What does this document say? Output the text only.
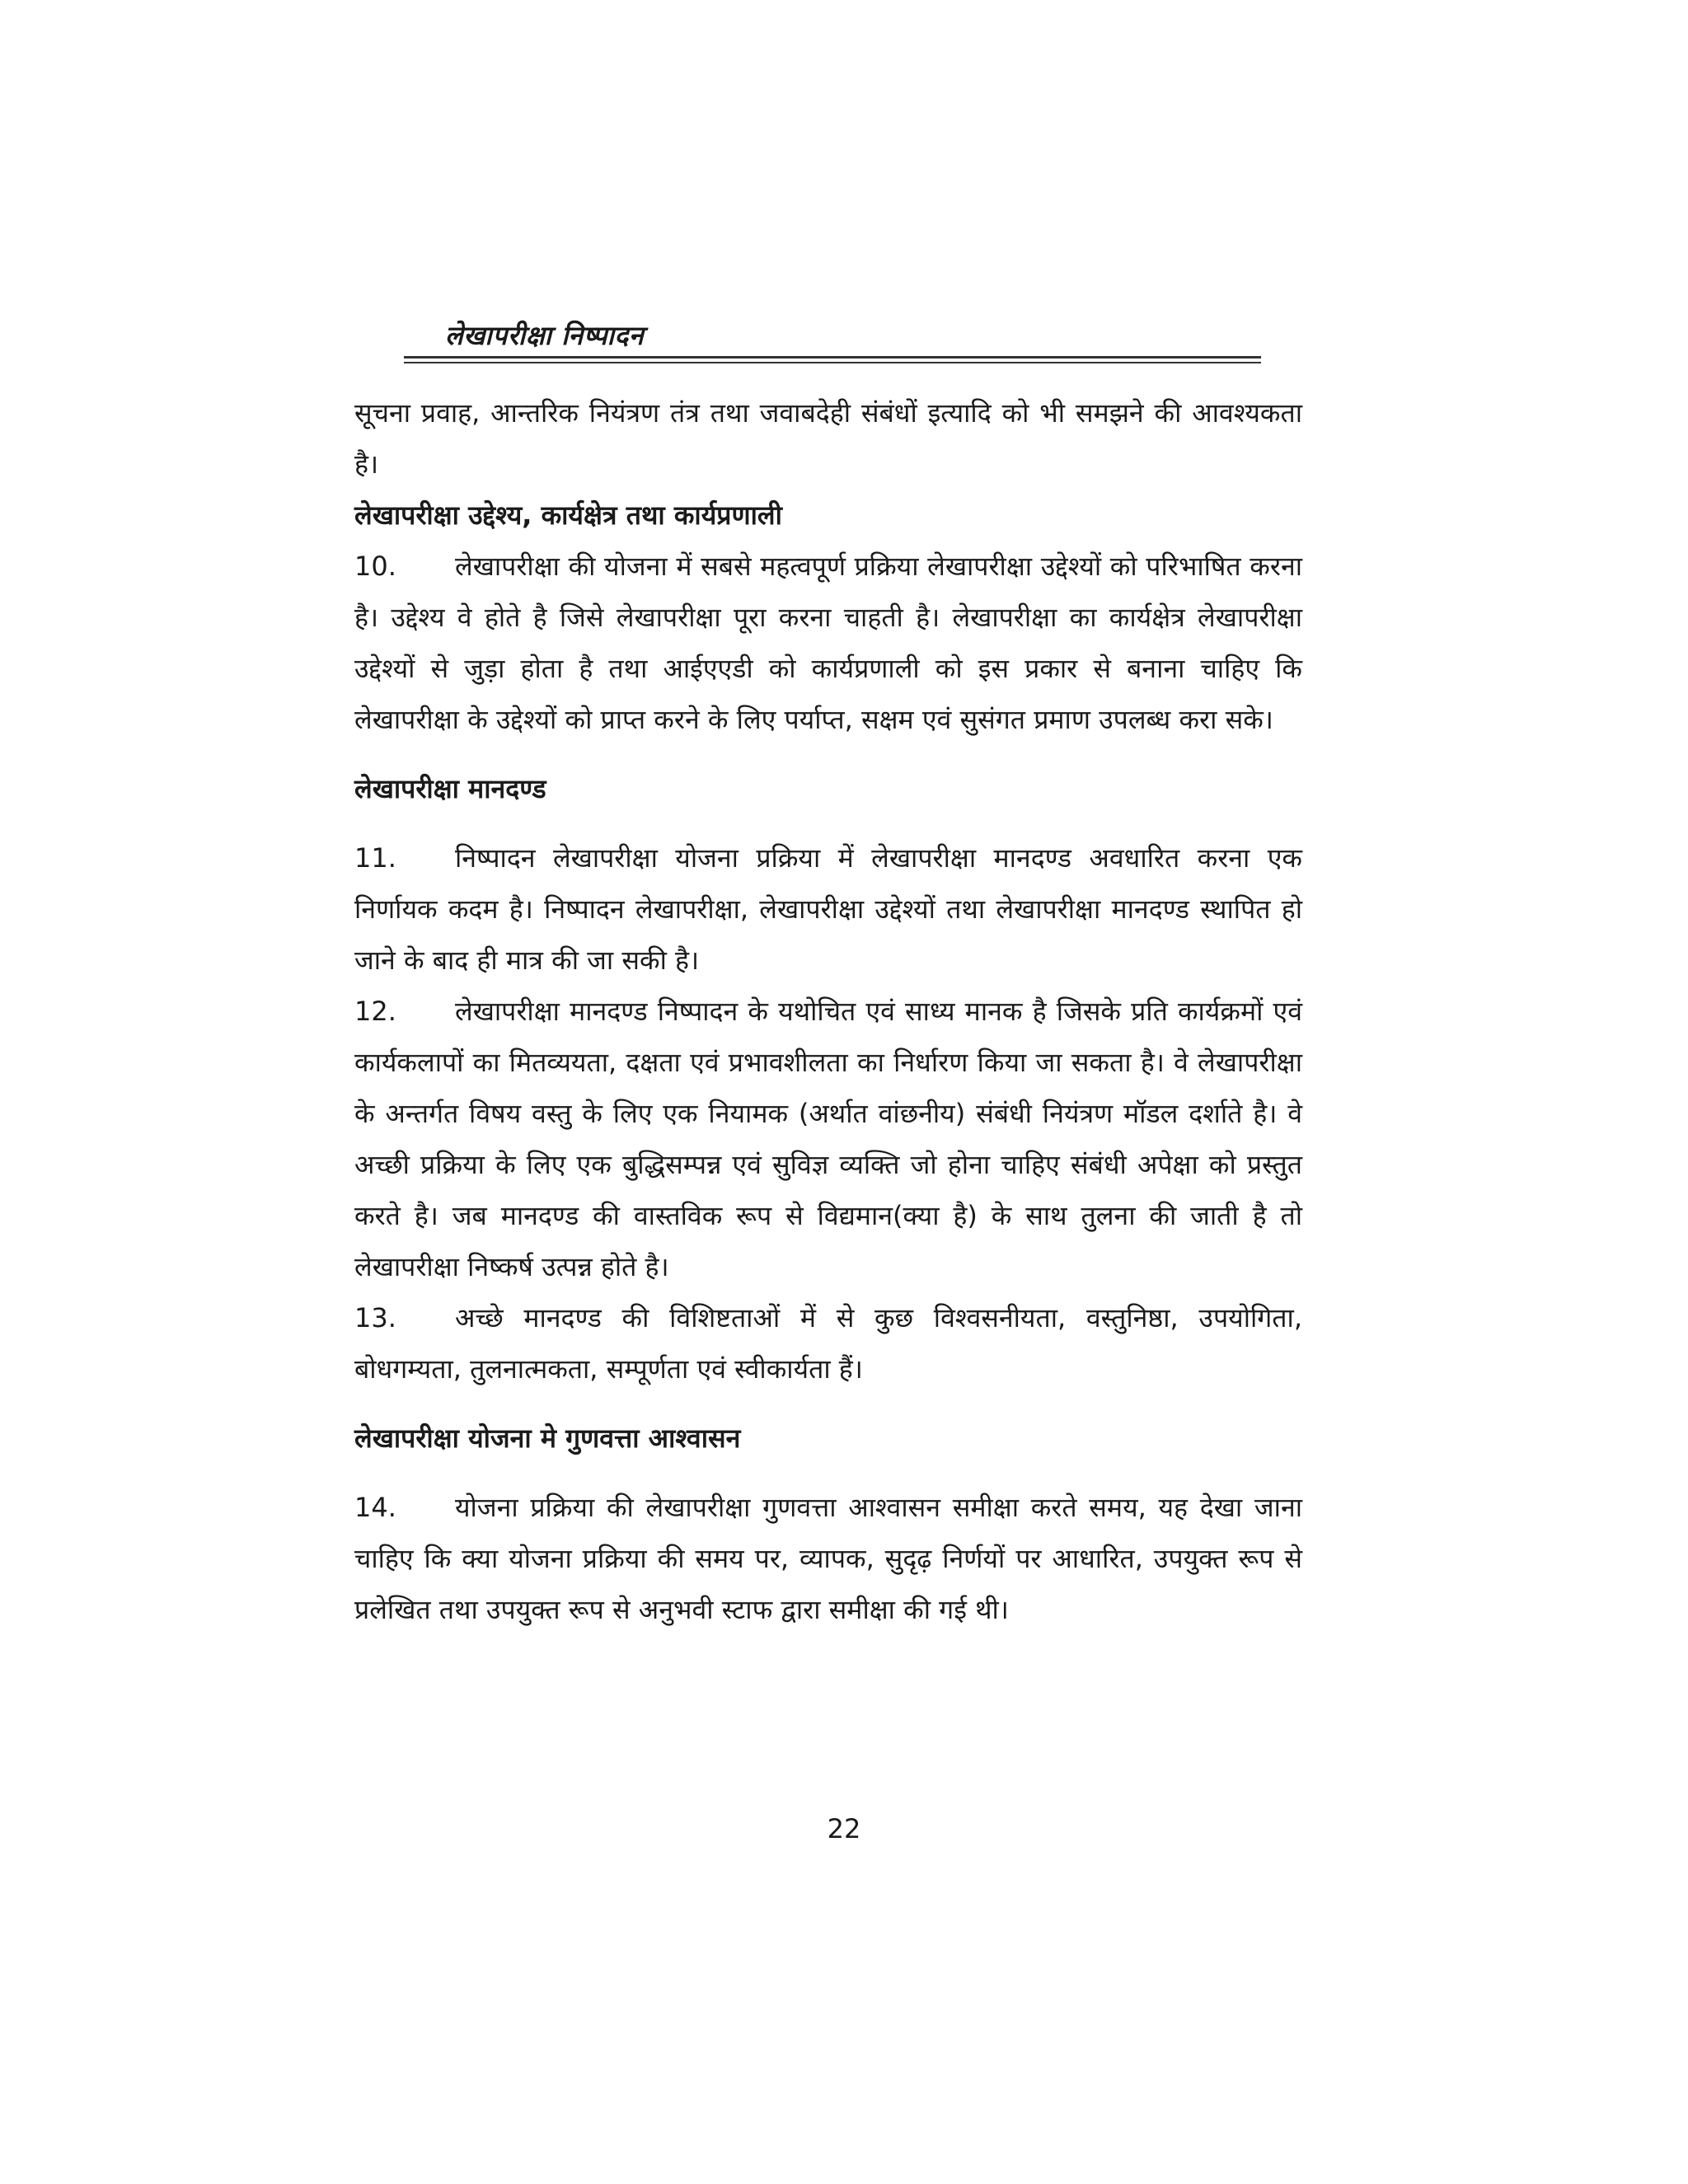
लेखापरीक्षा निष्पादन

सूचना प्रवाह, आन्तरिक नियंत्रण तंत्र तथा जवाबदेही संबंधों इत्यादि को भी समझने की आवश्यकता है।

लेखापरीक्षा उद्देश्य, कार्यक्षेत्र तथा कार्यप्रणाली

10. लेखापरीक्षा की योजना में सबसे महत्वपूर्ण प्रक्रिया लेखापरीक्षा उद्देश्यों को परिभाषित करना है। उद्देश्य वे होते है जिसे लेखापरीक्षा पूरा करना चाहती है। लेखापरीक्षा का कार्यक्षेत्र लेखापरीक्षा उद्देश्यों से जुड़ा होता है तथा आईएएडी को कार्यप्रणाली को इस प्रकार से बनाना चाहिए कि लेखापरीक्षा के उद्देश्यों को प्राप्त करने के लिए पर्याप्त, सक्षम एवं सुसंगत प्रमाण उपलब्ध करा सके।

लेखापरीक्षा मानदण्ड

11. निष्पादन लेखापरीक्षा योजना प्रक्रिया में लेखापरीक्षा मानदण्ड अवधारित करना एक निर्णायक कदम है। निष्पादन लेखापरीक्षा, लेखापरीक्षा उद्देश्यों तथा लेखापरीक्षा मानदण्ड स्थापित हो जाने के बाद ही मात्र की जा सकी है।

12. लेखापरीक्षा मानदण्ड निष्पादन के यथोचित एवं साध्य मानक है जिसके प्रति कार्यक्रमों एवं कार्यकलापों का मितव्ययता, दक्षता एवं प्रभावशीलता का निर्धारण किया जा सकता है। वे लेखापरीक्षा के अन्तर्गत विषय वस्तु के लिए एक नियामक (अर्थात वांछनीय) संबंधी नियंत्रण मॉडल दर्शाते है। वे अच्छी प्रक्रिया के लिए एक बुद्धिसम्पन्न एवं सुविज्ञ व्यक्ति जो होना चाहिए संबंधी अपेक्षा को प्रस्तुत करते है। जब मानदण्ड की वास्तविक रूप से विद्यमान(क्या है) के साथ तुलना की जाती है तो लेखापरीक्षा निष्कर्ष उत्पन्न होते है।

13. अच्छे मानदण्ड की विशिष्टताओं में से कुछ विश्वसनीयता, वस्तुनिष्ठा, उपयोगिता, बोधगम्यता, तुलनात्मकता, सम्पूर्णता एवं स्वीकार्यता हैं।

लेखापरीक्षा योजना मे गुणवत्ता आश्वासन

14. योजना प्रक्रिया की लेखापरीक्षा गुणवत्ता आश्वासन समीक्षा करते समय, यह देखा जाना चाहिए कि क्या योजना प्रक्रिया की समय पर, व्यापक, सुदृढ़ निर्णयों पर आधारित, उपयुक्त रूप से प्रलेखित तथा उपयुक्त रूप से अनुभवी स्टाफ द्वारा समीक्षा की गई थी।

22
